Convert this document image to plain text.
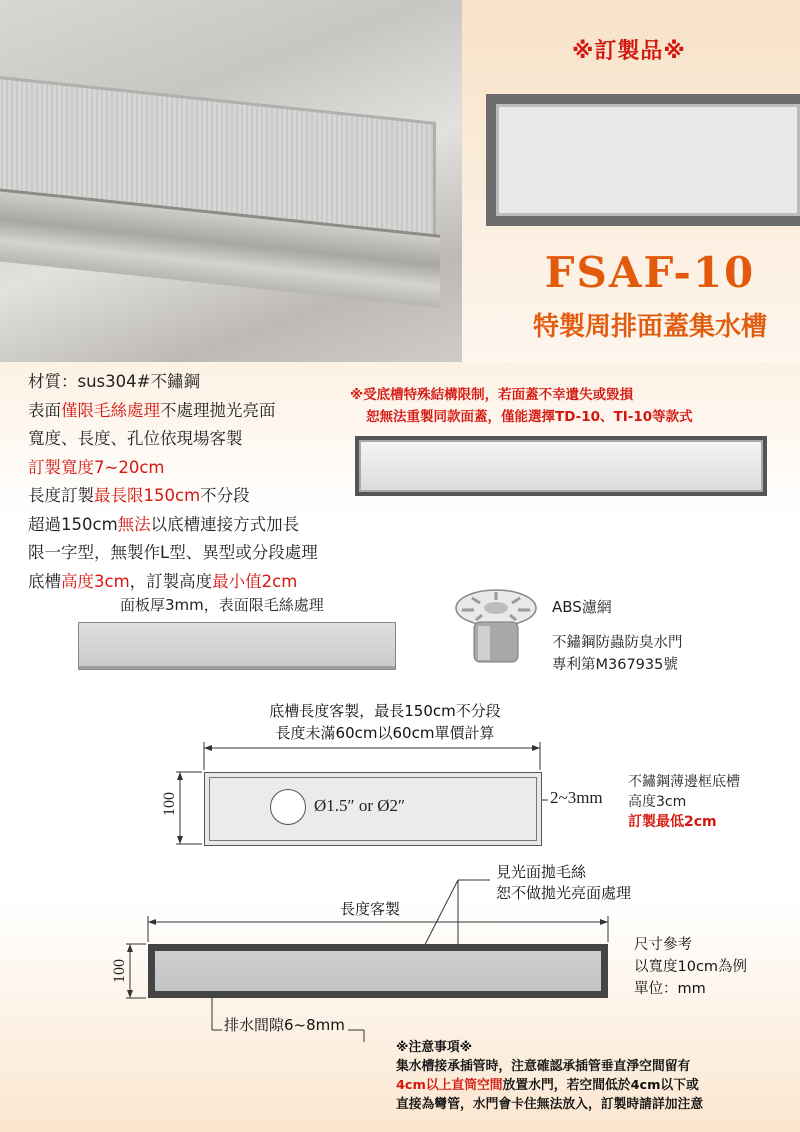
※訂製品※
FSAF-10
特製周排面蓋集水槽
材質：sus304#不鏽鋼
表面僅限毛絲處理不處理拋光亮面
寬度、長度、孔位依現場客製
訂製寬度7~20cm
長度訂製最長限150cm不分段
超過150cm無法以底槽連接方式加長
限一字型，無製作L型、異型或分段處理
底槽高度3cm，訂製高度最小值2cm
※受底槽特殊結構限制，若面蓋不幸遺失或毀損
恕無法重製同款面蓋，僅能選擇TD-10、TI-10等款式
面板厚3mm，表面限毛絲處理	ABS濾網
不鏽鋼防蟲防臭水門
專利第M367935號
底槽長度客製，最長150cm不分段
長度未滿60cm以60cm單價計算
Ø1.5″ or Ø2″	2~3mm
100
不鏽鋼薄邊框底槽
高度3cm
訂製最低2cm
見光面拋毛絲
恕不做拋光亮面處理
長度客製
100
排水間隙6~8mm
尺寸參考
以寬度10cm為例
單位：mm
※注意事項※
集水槽接承插管時，注意確認承插管垂直淨空間留有
4cm以上直筒空間放置水門，若空間低於4cm以下或
直接為彎管，水門會卡住無法放入，訂製時請詳加注意
